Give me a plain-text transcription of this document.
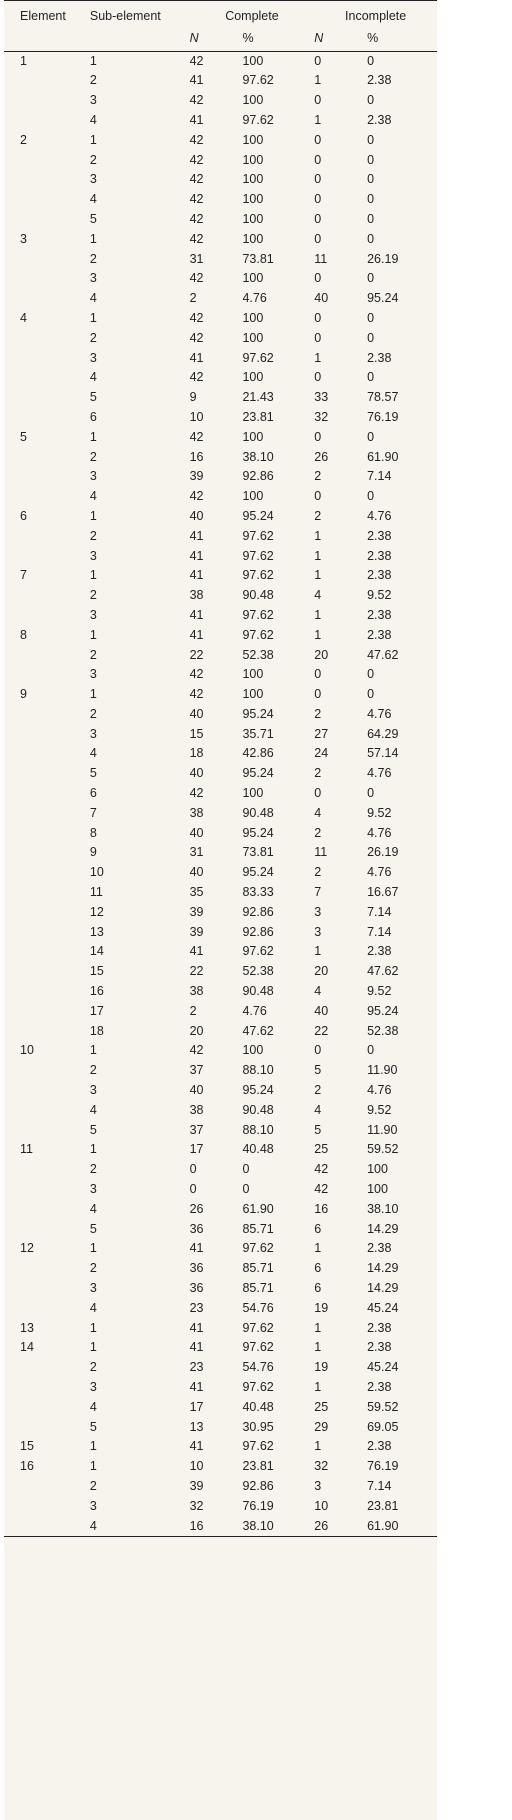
Element	Sub-element	Complete		Incomplete	
		N	%	N	%
1	1	42	100	0	0
	2	41	97.62	1	2.38
	3	42	100	0	0
	4	41	97.62	1	2.38
2	1	42	100	0	0
	2	42	100	0	0
	3	42	100	0	0
	4	42	100	0	0
	5	42	100	0	0
3	1	42	100	0	0
	2	31	73.81	11	26.19
	3	42	100	0	0
	4	2	4.76	40	95.24
4	1	42	100	0	0
	2	42	100	0	0
	3	41	97.62	1	2.38
	4	42	100	0	0
	5	9	21.43	33	78.57
	6	10	23.81	32	76.19
5	1	42	100	0	0
	2	16	38.10	26	61.90
	3	39	92.86	2	7.14
	4	42	100	0	0
6	1	40	95.24	2	4.76
	2	41	97.62	1	2.38
	3	41	97.62	1	2.38
7	1	41	97.62	1	2.38
	2	38	90.48	4	9.52
	3	41	97.62	1	2.38
8	1	41	97.62	1	2.38
	2	22	52.38	20	47.62
	3	42	100	0	0
9	1	42	100	0	0
	2	40	95.24	2	4.76
	3	15	35.71	27	64.29
	4	18	42.86	24	57.14
	5	40	95.24	2	4.76
	6	42	100	0	0
	7	38	90.48	4	9.52
	8	40	95.24	2	4.76
	9	31	73.81	11	26.19
	10	40	95.24	2	4.76
	11	35	83.33	7	16.67
	12	39	92.86	3	7.14
	13	39	92.86	3	7.14
	14	41	97.62	1	2.38
	15	22	52.38	20	47.62
	16	38	90.48	4	9.52
	17	2	4.76	40	95.24
	18	20	47.62	22	52.38
10	1	42	100	0	0
	2	37	88.10	5	11.90
	3	40	95.24	2	4.76
	4	38	90.48	4	9.52
	5	37	88.10	5	11.90
11	1	17	40.48	25	59.52
	2	0	0	42	100
	3	0	0	42	100
	4	26	61.90	16	38.10
	5	36	85.71	6	14.29
12	1	41	97.62	1	2.38
	2	36	85.71	6	14.29
	3	36	85.71	6	14.29
	4	23	54.76	19	45.24
13	1	41	97.62	1	2.38
14	1	41	97.62	1	2.38
	2	23	54.76	19	45.24
	3	41	97.62	1	2.38
	4	17	40.48	25	59.52
	5	13	30.95	29	69.05
15	1	41	97.62	1	2.38
16	1	10	23.81	32	76.19
	2	39	92.86	3	7.14
	3	32	76.19	10	23.81
	4	16	38.10	26	61.90
